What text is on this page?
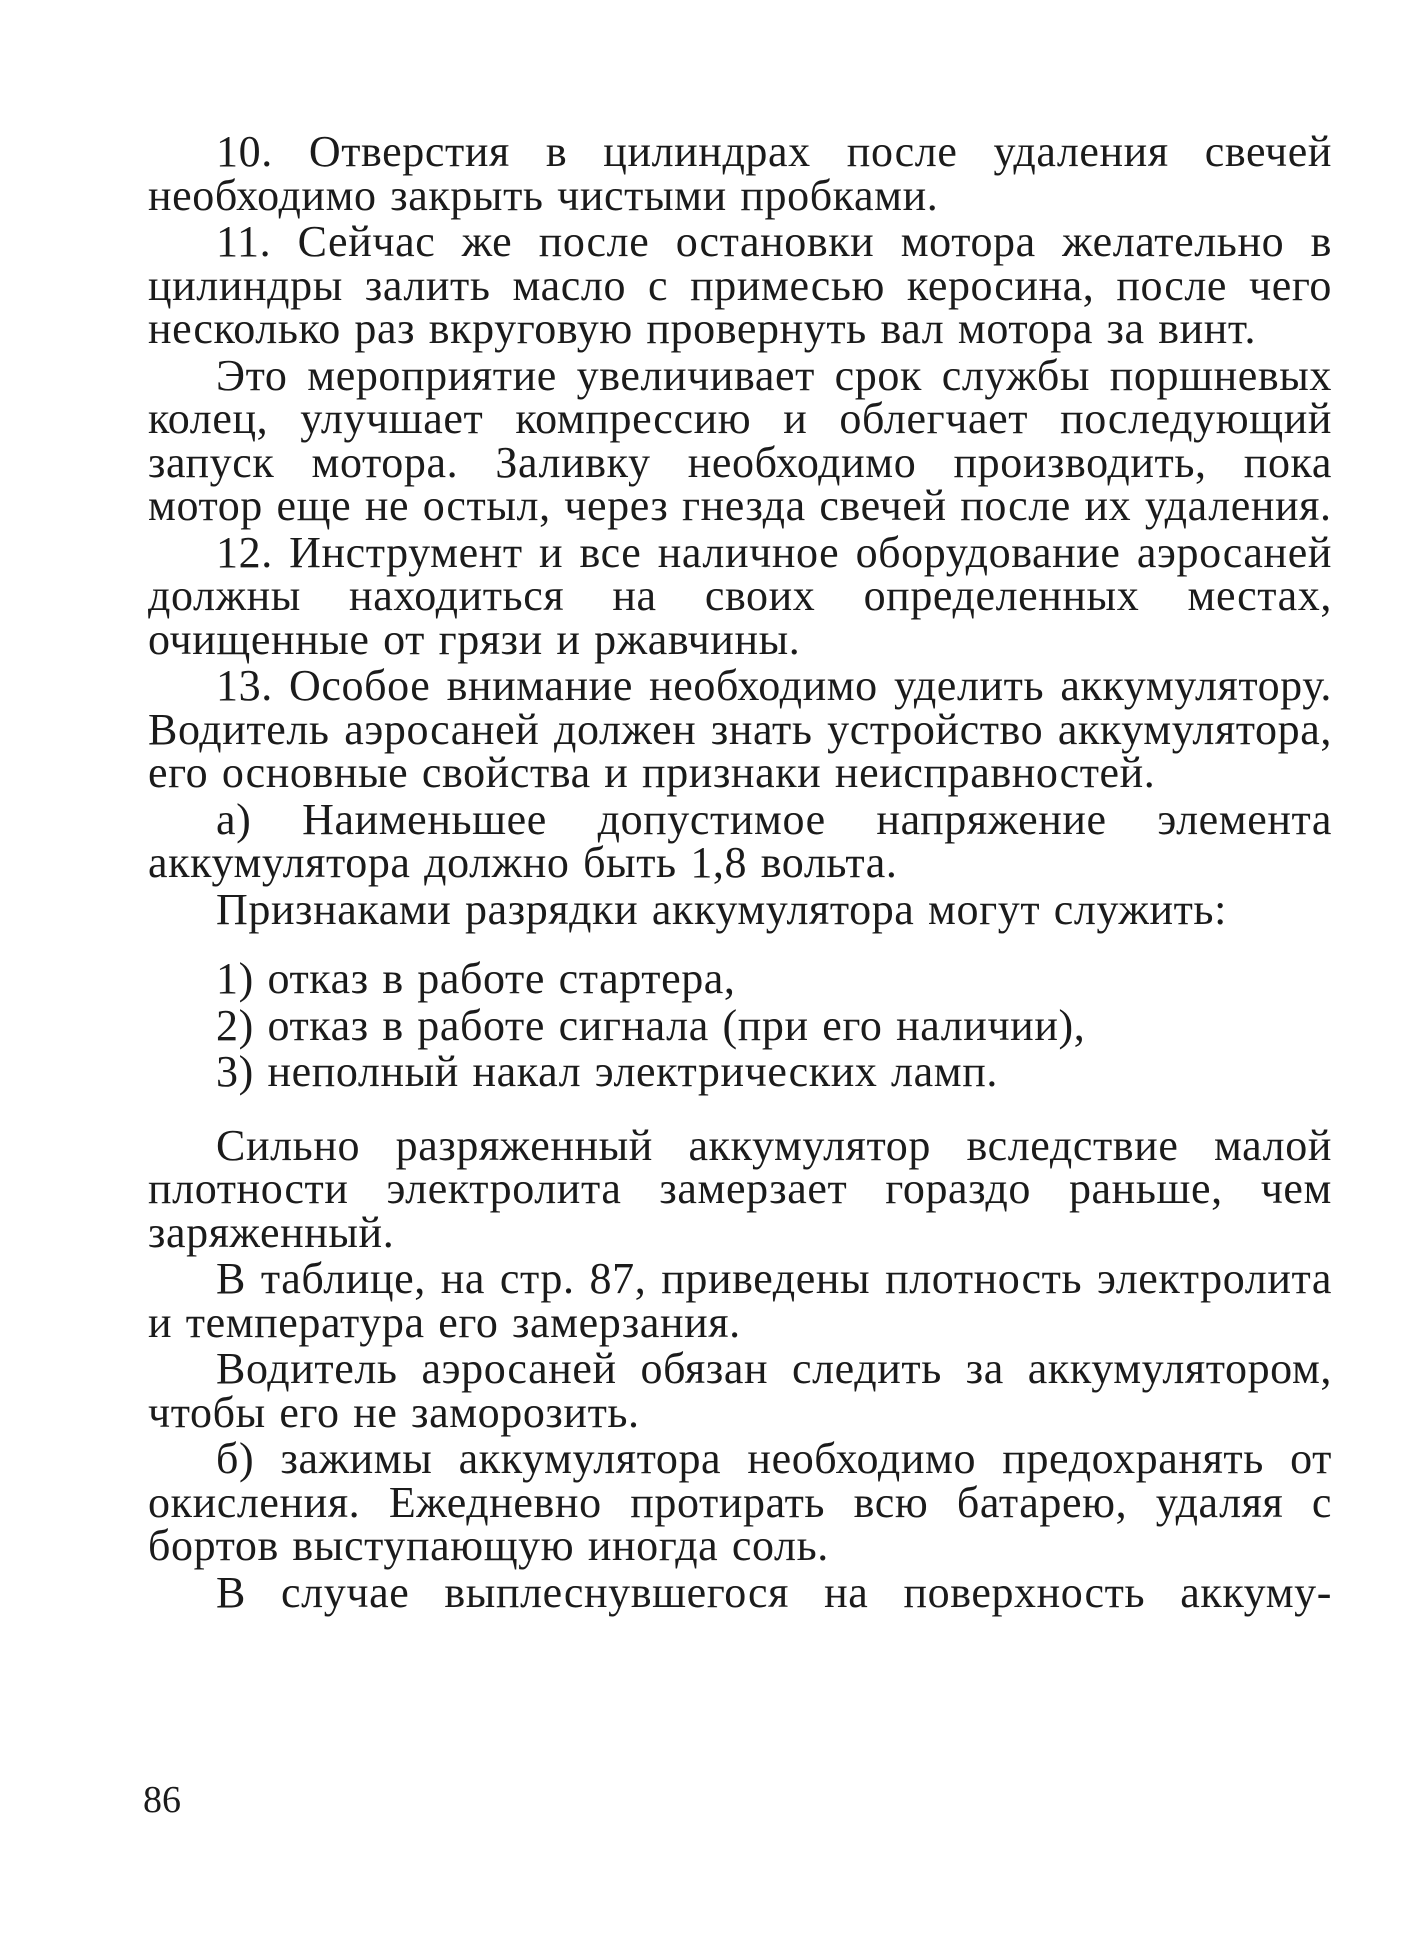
10. Отверстия в цилиндрах после удаления свечей необходимо закрыть чистыми пробками.

11. Сейчас же после остановки мотора желательно в цилиндры залить масло с примесью керосина, после чего несколько раз вкруговую провернуть вал мотора за винт.

Это мероприятие увеличивает срок службы поршневых колец, улучшает компрессию и облегчает последующий запуск мотора. Заливку необходимо производить, пока мотор еще не остыл, через гнезда свечей после их удаления.

12. Инструмент и все наличное оборудование аэросаней должны находиться на своих определенных местах, очищенные от грязи и ржавчины.

13. Особое внимание необходимо уделить аккумулятору. Водитель аэросаней должен знать устройство аккумулятора, его основные свойства и признаки неисправностей.

а) Наименьшее допустимое напряжение элемента аккумулятора должно быть 1,8 вольта.

Признаками разрядки аккумулятора могут служить:

1) отказ в работе стартера,
2) отказ в работе сигнала (при его наличии),
3) неполный накал электрических ламп.

Сильно разряженный аккумулятор вследствие малой плотности электролита замерзает гораздо раньше, чем заряженный.

В таблице, на стр. 87, приведены плотность электролита и температура его замерзания.

Водитель аэросаней обязан следить за аккумулятором, чтобы его не заморозить.

б) зажимы аккумулятора необходимо предохранять от окисления. Ежедневно протирать всю батарею, удаляя с бортов выступающую иногда соль.

В случае выплеснувшегося на поверхность аккуму-

86
